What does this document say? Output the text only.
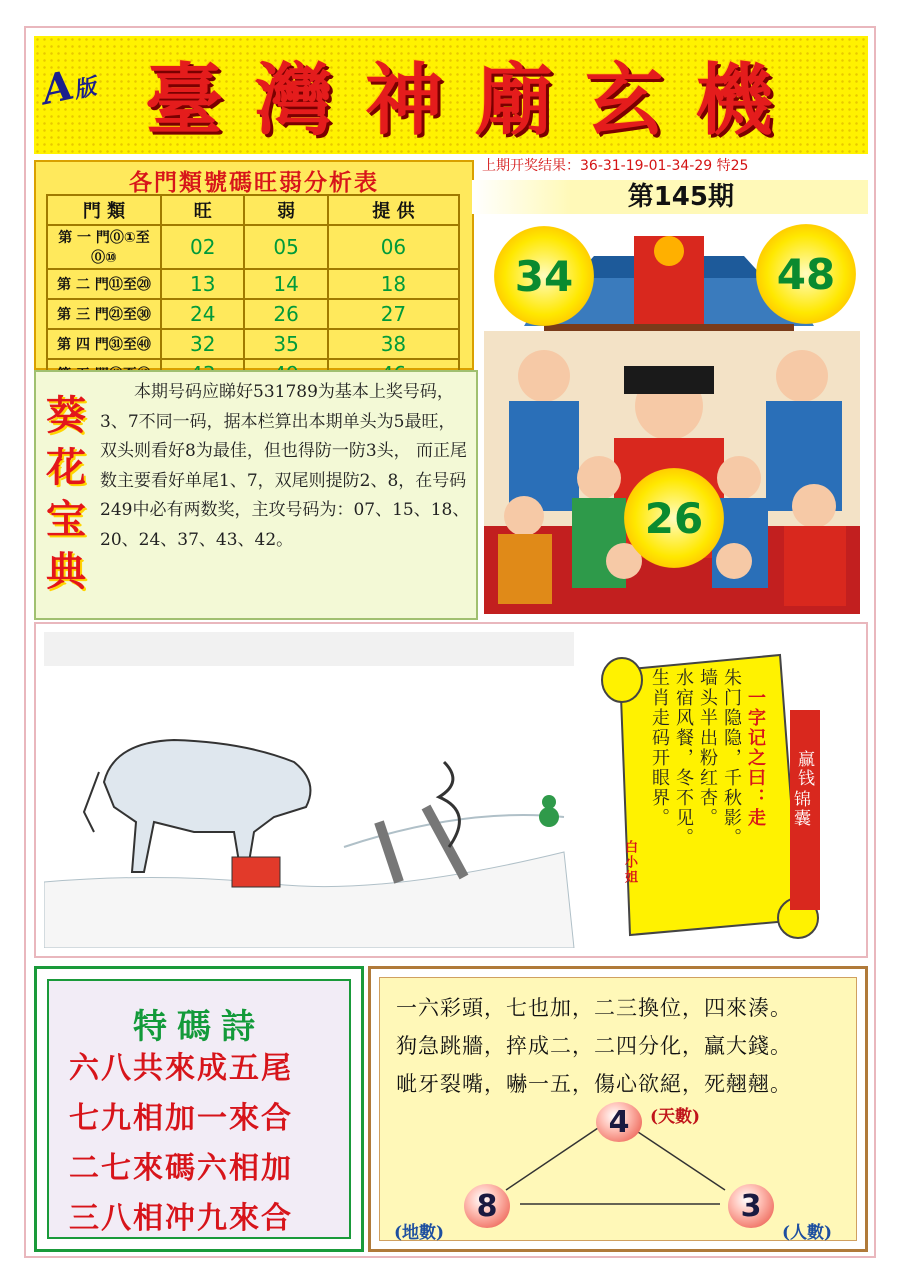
A版 臺 灣 神 廟 玄 機
各門類號碼旺弱分析表
門 類	旺	弱	提 供
第 一 門⓪①至⓪⑩	02	05	06
第 二 門⑪至⑳	13	14	18
第 三 門㉑至㉚	24	26	27
第 四 門㉛至㊵	32	35	38

上期开奖结果：36-31-19-01-34-29 特25
第145期
葵
花
宝
典
本期号码应睇好531789为基本上奖号码，3、7不同一码，据本栏算出本期单头为5最旺，双头则看好8为最佳，但也得防一防3头， 而正尾数主要看好单尾1、7，双尾则提防2、8，在号码249中必有两数奖，主攻号码为：07、15、18、20、24、37、43、42。
34	48
26
一字记之曰：走
朱门隐隐，千秋影。
墙头半出粉红杏。
水宿风餐，冬不见。
生肖走码开眼界。
白小姐
赢钱
锦囊
特碼詩
六八共來成五尾
七九相加一來合
二七來碼六相加
三八相冲九來合
一六彩頭，七也加，二三換位，四來湊。
狗急跳牆，捽成二，二四分化，贏大錢。
呲牙裂嘴，嚇一五，傷心欲絕，死翹翹。
4	(天數)
8
(地數)
3
(人數)
